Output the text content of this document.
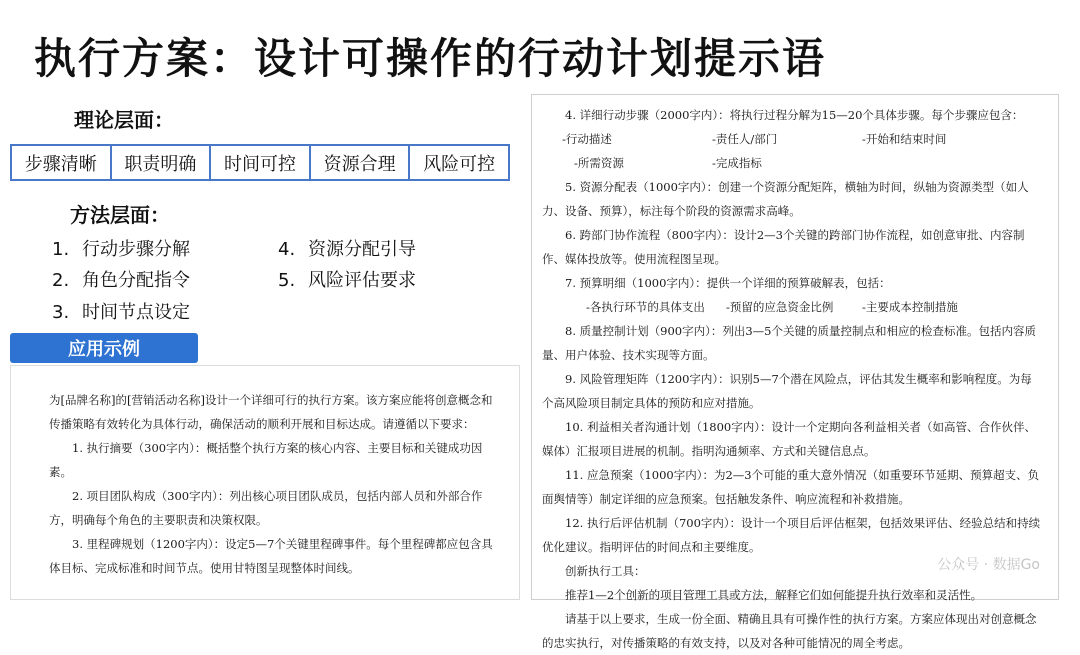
执行方案：设计可操作的行动计划提示语
理论层面：
步骤清晰	职责明确	时间可控	资源合理	风险可控
方法层面：
1. 行动步骤分解
2. 角色分配指令
3. 时间节点设定
4. 资源分配引导
5. 风险评估要求
应用示例

为[品牌名称]的[营销活动名称]设计一个详细可行的执行方案。该方案应能将创意概念和传播策略有效转化为具体行动，确保活动的顺利开展和目标达成。请遵循以下要求：

1. 执行摘要（300字内）：概括整个执行方案的核心内容、主要目标和关键成功因素。

2. 项目团队构成（300字内）：列出核心项目团队成员，包括内部人员和外部合作方，明确每个角色的主要职责和决策权限。

3. 里程碑规划（1200字内）：设定5—7个关键里程碑事件。每个里程碑都应包含具体目标、完成标准和时间节点。使用甘特图呈现整体时间线。

4. 详细行动步骤（2000字内）：将执行过程分解为15—20个具体步骤。每个步骤应包含：

-行动描述	-责任人/部门	-开始和结束时间

-所需资源	-完成指标

5. 资源分配表（1000字内）：创建一个资源分配矩阵，横轴为时间，纵轴为资源类型（如人力、设备、预算），标注每个阶段的资源需求高峰。

6. 跨部门协作流程（800字内）：设计2—3个关键的跨部门协作流程，如创意审批、内容制作、媒体投放等。使用流程图呈现。

7. 预算明细（1000字内）：提供一个详细的预算破解表，包括：

-各执行环节的具体支出 -预留的应急资金比例 -主要成本控制措施

8. 质量控制计划（900字内）：列出3—5个关键的质量控制点和相应的检查标准。包括内容质量、用户体验、技术实现等方面。

9. 风险管理矩阵（1200字内）：识别5—7个潜在风险点，评估其发生概率和影响程度。为每个高风险项目制定具体的预防和应对措施。

10. 利益相关者沟通计划（1800字内）：设计一个定期向各利益相关者（如高管、合作伙伴、媒体）汇报项目进展的机制。指明沟通频率、方式和关键信息点。

11. 应急预案（1000字内）：为2—3个可能的重大意外情况（如重要环节延期、预算超支、负面舆情等）制定详细的应急预案。包括触发条件、响应流程和补救措施。

12. 执行后评估机制（700字内）：设计一个项目后评估框架，包括效果评估、经验总结和持续优化建议。指明评估的时间点和主要维度。

创新执行工具：

推荐1—2个创新的项目管理工具或方法，解释它们如何能提升执行效率和灵活性。

请基于以上要求，生成一份全面、精确且具有可操作性的执行方案。方案应体现出对创意概念的忠实执行，对传播策略的有效支持，以及对各种可能情况的周全考虑。

公众号 · 数据Go
